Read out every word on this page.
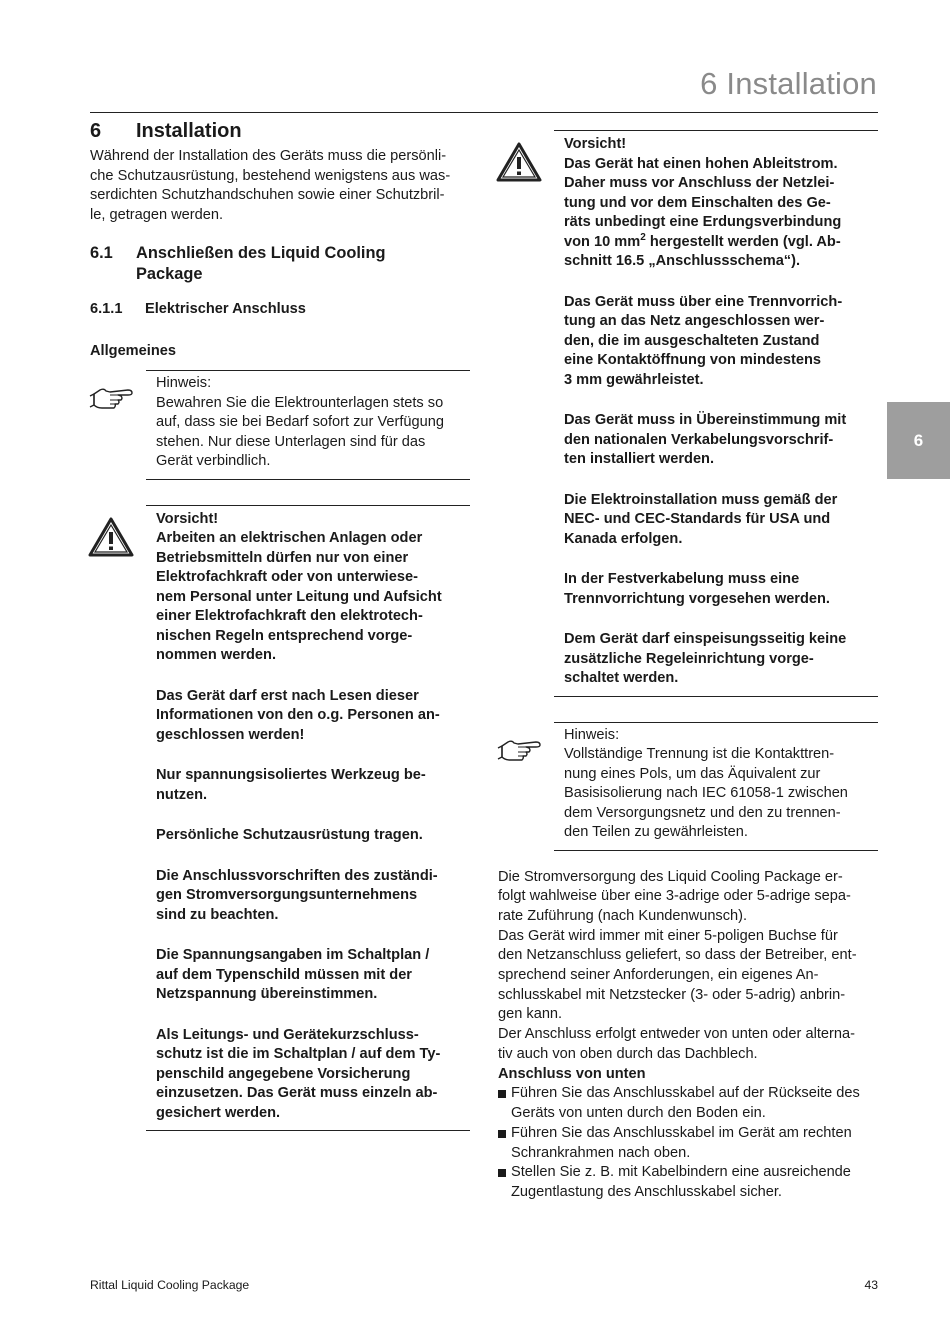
6 Installation
6
6	Installation
Während der Installation des Geräts muss die persönli-
che Schutzausrüstung, bestehend wenigstens aus was-
serdichten Schutzhandschuhen sowie einer Schutzbril-
le, getragen werden.
6.1	Anschließen des Liquid Cooling
Package
6.1.1	Elektrischer Anschluss
Allgemeines
Hinweis:
Bewahren Sie die Elektrounterlagen stets so
auf, dass sie bei Bedarf sofort zur Verfügung
stehen. Nur diese Unterlagen sind für das
Gerät verbindlich.
Vorsicht!
Arbeiten an elektrischen Anlagen oder
Betriebsmitteln dürfen nur von einer
Elektrofachkraft oder von unterwiese-
nem Personal unter Leitung und Aufsicht
einer Elektrofachkraft den elektrotech-
nischen Regeln entsprechend vorge-
nommen werden.
Das Gerät darf erst nach Lesen dieser
Informationen von den o.g. Personen an-
geschlossen werden!
Nur spannungsisoliertes Werkzeug be-
nutzen.
Persönliche Schutzausrüstung tragen.
Die Anschlussvorschriften des zuständi-
gen Stromversorgungsunternehmens
sind zu beachten.
Die Spannungsangaben im Schaltplan /
auf dem Typenschild müssen mit der
Netzspannung übereinstimmen.
Als Leitungs- und Gerätekurzschluss-
schutz ist die im Schaltplan / auf dem Ty-
penschild angegebene Vorsicherung
einzusetzen. Das Gerät muss einzeln ab-
gesichert werden.
Vorsicht!
Das Gerät hat einen hohen Ableitstrom.
Daher muss vor Anschluss der Netzlei-
tung und vor dem Einschalten des Ge-
räts unbedingt eine Erdungsverbindung
von 10 $mm^2$ hergestellt werden (vgl. Ab-
schnitt 16.5 „Anschlussschema“).
Das Gerät muss über eine Trennvorrich-
tung an das Netz angeschlossen wer-
den, die im ausgeschalteten Zustand
eine Kontaktöffnung von mindestens
3 mm gewährleistet.
Das Gerät muss in Übereinstimmung mit
den nationalen Verkabelungsvorschrif-
ten installiert werden.
Die Elektroinstallation muss gemäß der
NEC- und CEC-Standards für USA und
Kanada erfolgen.
In der Festverkabelung muss eine
Trennvorrichtung vorgesehen werden.
Dem Gerät darf einspeisungsseitig keine
zusätzliche Regeleinrichtung vorge-
schaltet werden.
Hinweis:
Vollständige Trennung ist die Kontakttren-
nung eines Pols, um das Äquivalent zur
Basisisolierung nach IEC 61058-1 zwischen
dem Versorgungsnetz und den zu trennen-
den Teilen zu gewährleisten.
Die Stromversorgung des Liquid Cooling Package er-
folgt wahlweise über eine 3-adrige oder 5-adrige sepa-
rate Zuführung (nach Kundenwunsch).
Das Gerät wird immer mit einer 5-poligen Buchse für
den Netzanschluss geliefert, so dass der Betreiber, ent-
sprechend seiner Anforderungen, ein eigenes An-
schlusskabel mit Netzstecker (3- oder 5-adrig) anbrin-
gen kann.
Der Anschluss erfolgt entweder von unten oder alterna-
tiv auch von oben durch das Dachblech.
Anschluss von unten
Führen Sie das Anschlusskabel auf der Rückseite des
Geräts von unten durch den Boden ein.
Führen Sie das Anschlusskabel im Gerät am rechten
Schrankrahmen nach oben.
Stellen Sie z. B. mit Kabelbindern eine ausreichende
Zugentlastung des Anschlusskabel sicher.
Rittal Liquid Cooling Package	43
